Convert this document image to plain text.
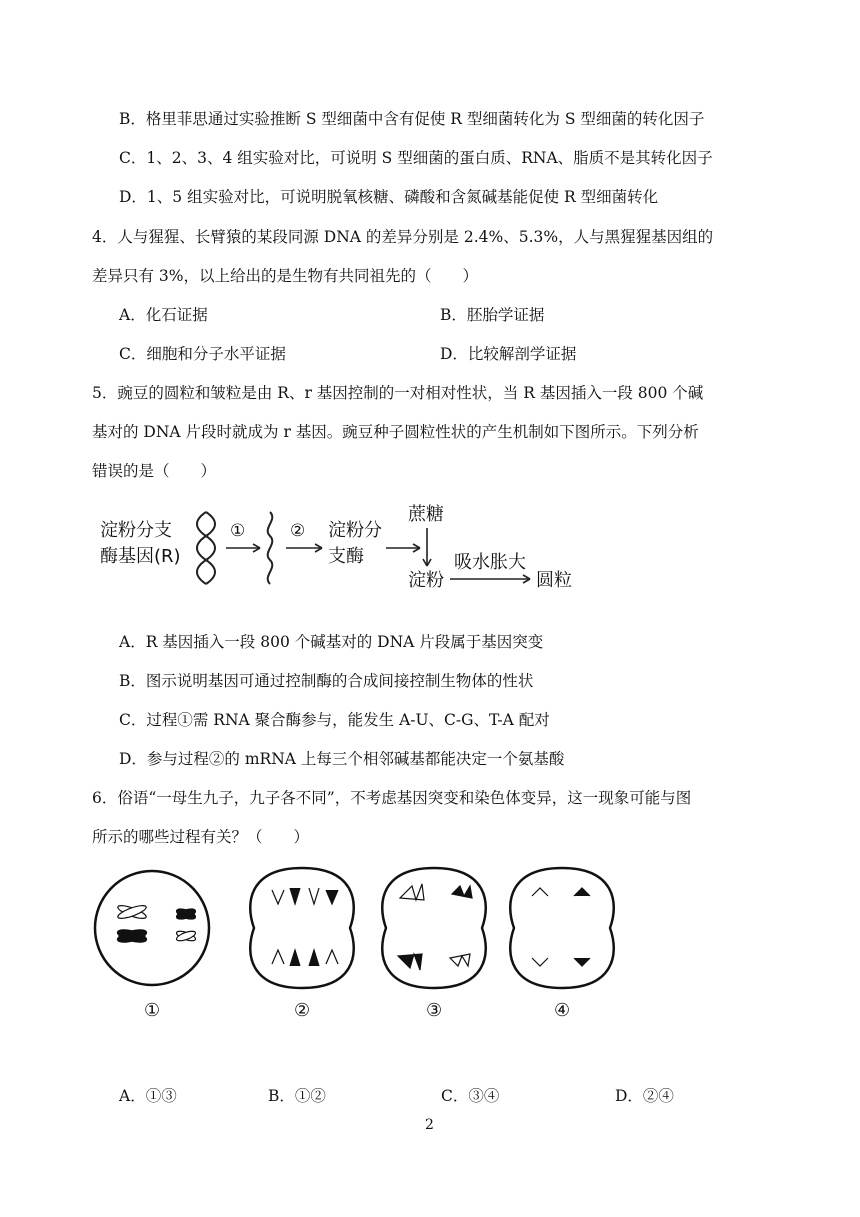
B．格里菲思通过实验推断 S 型细菌中含有促使 R 型细菌转化为 S 型细菌的转化因子
C．1、2、3、4 组实验对比，可说明 S 型细菌的蛋白质、RNA、脂质不是其转化因子
D．1、5 组实验对比，可说明脱氧核糖、磷酸和含氮碱基能促使 R 型细菌转化
4．人与猩猩、长臂猿的某段同源 DNA 的差异分别是 2.4%、5.3%，人与黑猩猩基因组的
差异只有 3%，以上给出的是生物有共同祖先的（　　）
A．化石证据	B．胚胎学证据
C．细胞和分子水平证据	D．比较解剖学证据
5．豌豆的圆粒和皱粒是由 R、r 基因控制的一对相对性状，当 R 基因插入一段 800 个碱
基对的 DNA 片段时就成为 r 基因。豌豆种子圆粒性状的产生机制如下图所示。下列分析
错误的是（　　）
淀粉分支
酶基因(R)
①	② 淀粉分
支酶
蔗糖
淀粉
吸水胀大
圆粒
A．R 基因插入一段 800 个碱基对的 DNA 片段属于基因突变
B．图示说明基因可通过控制酶的合成间接控制生物体的性状
C．过程①需 RNA 聚合酶参与，能发生 A-U、C-G、T-A 配对
D．参与过程②的 mRNA 上每三个相邻碱基都能决定一个氨基酸
6．俗语“一母生九子，九子各不同”，不考虑基因突变和染色体变异，这一现象可能与图
所示的哪些过程有关？（　　）
①	②	③	④
A．①③	B．①②	C．③④	D．②④
2
